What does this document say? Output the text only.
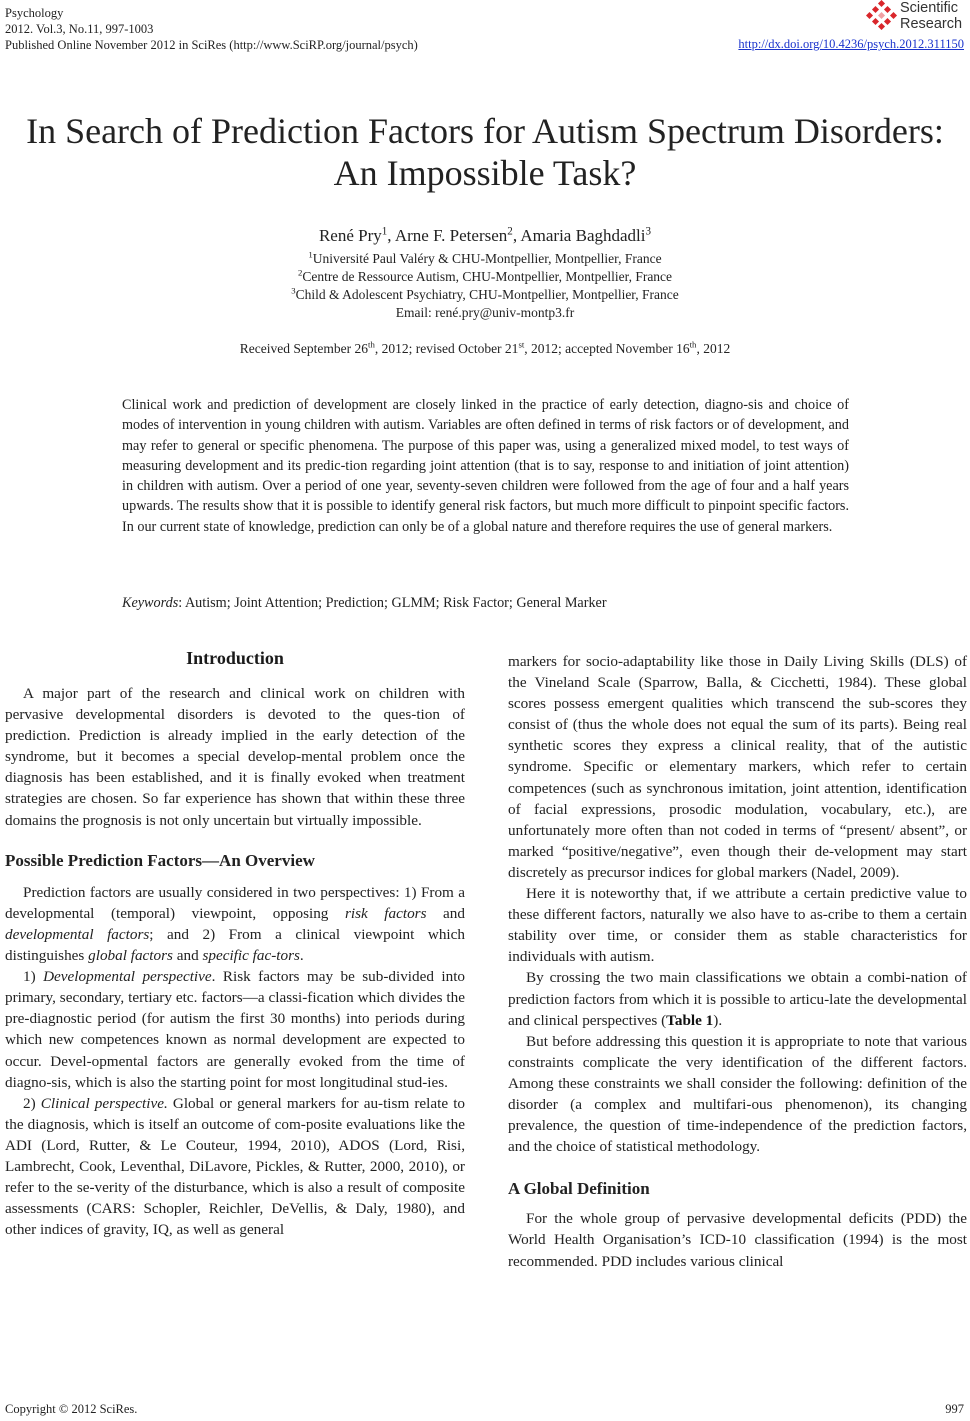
Psychology
2012. Vol.3, No.11, 997-1003
Published Online November 2012 in SciRes (http://www.SciRP.org/journal/psych)	http://dx.doi.org/10.4236/psych.2012.311150
Scientific
Research
In Search of Prediction Factors for Autism Spectrum Disorders:
An Impossible Task?
René Pry$^1$, Arne F. Petersen$^2$, Amaria Baghdadli$^3$
$^1$Université Paul Valéry & CHU-Montpellier, Montpellier, France
$^2$Centre de Ressource Autism, CHU-Montpellier, Montpellier, France
$^3$Child & Adolescent Psychiatry, CHU-Montpellier, Montpellier, France
Email: rené.pry@univ-montp3.fr
Received September 26th, 2012; revised October 21st, 2012; accepted November 16th, 2012
Clinical work and prediction of development are closely linked in the practice of early detection, diagno-sis and choice of modes of intervention in young children with autism. Variables are often defined in terms of risk factors or of development, and may refer to general or specific phenomena. The purpose of this paper was, using a generalized mixed model, to test ways of measuring development and its predic-tion regarding joint attention (that is to say, response to and initiation of joint attention) in children with autism. Over a period of one year, seventy-seven children were followed from the age of four and a half years upwards. The results show that it is possible to identify general risk factors, but much more difficult to pinpoint specific factors. In our current state of knowledge, prediction can only be of a global nature and therefore requires the use of general markers.
Keywords: Autism; Joint Attention; Prediction; GLMM; Risk Factor; General Marker
Introduction

A major part of the research and clinical work on children with pervasive developmental disorders is devoted to the ques-tion of prediction. Prediction is already implied in the early detection of the syndrome, but it becomes a special develop-mental problem once the diagnosis has been established, and it is finally evoked when treatment strategies are chosen. So far experience has shown that within these three domains the prognosis is not only uncertain but virtually impossible.

Possible Prediction Factors—An Overview

Prediction factors are usually considered in two perspectives: 1) From a developmental (temporal) viewpoint, opposing risk factors and developmental factors; and 2) From a clinical viewpoint which distinguishes global factors and specific fac-tors.

1) Developmental perspective. Risk factors may be sub-divided into primary, secondary, tertiary etc. factors—a classi-fication which divides the pre-diagnostic period (for autism the first 30 months) into periods during which new competences known as normal development are expected to occur. Devel-opmental factors are generally evoked from the time of diagno-sis, which is also the starting point for most longitudinal stud-ies.

2) Clinical perspective. Global or general markers for au-tism relate to the diagnosis, which is itself an outcome of com-posite evaluations like the ADI (Lord, Rutter, & Le Couteur, 1994, 2010), ADOS (Lord, Risi, Lambrecht, Cook, Leventhal, DiLavore, Pickles, & Rutter, 2000, 2010), or refer to the se-verity of the disturbance, which is also a result of composite assessments (CARS: Schopler, Reichler, DeVellis, & Daly, 1980), and other indices of gravity, IQ, as well as general

markers for socio-adaptability like those in Daily Living Skills (DLS) of the Vineland Scale (Sparrow, Balla, & Cicchetti, 1984). These global scores possess emergent qualities which transcend the sub-scores they consist of (thus the whole does not equal the sum of its parts). Being real synthetic scores they express a clinical reality, that of the autistic syndrome. Specific or elementary markers, which refer to certain competences (such as synchronous imitation, joint attention, identification of facial expressions, prosodic modulation, vocabulary, etc.), are unfortunately more often than not coded in terms of “present/ absent”, or marked “positive/negative”, even though their de-velopment may start discretely as precursor indices for global markers (Nadel, 2009).

Here it is noteworthy that, if we attribute a certain predictive value to these different factors, naturally we also have to as-cribe to them a certain stability over time, or consider them as stable characteristics for individuals with autism.

By crossing the two main classifications we obtain a combi-nation of prediction factors from which it is possible to articu-late the developmental and clinical perspectives (Table 1).

But before addressing this question it is appropriate to note that various constraints complicate the very identification of the different factors. Among these constraints we shall consider the following: definition of the disorder (a complex and multifari-ous phenomenon), its changing prevalence, the question of time-independence of the prediction factors, and the choice of statistical methodology.

A Global Definition

For the whole group of pervasive developmental deficits (PDD) the World Health Organisation’s ICD-10 classification (1994) is the most recommended. PDD includes various clinical

Copyright © 2012 SciRes.	997
